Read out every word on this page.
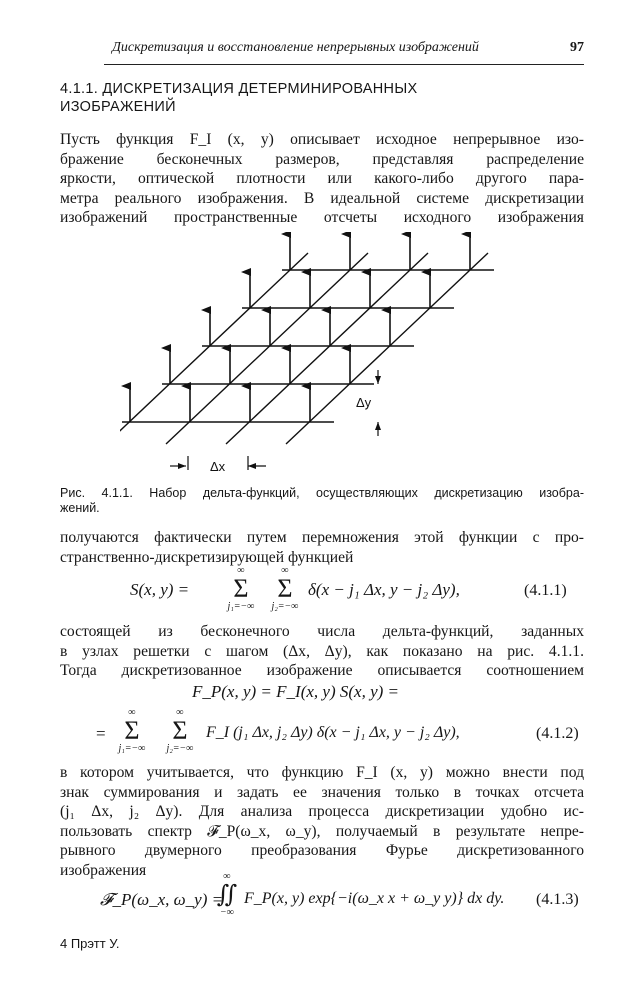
Дискретизация и восстановление непрерывных изображений	97
4.1.1. ДИСКРЕТИЗАЦИЯ ДЕТЕРМИНИРОВАННЫХ
ИЗОБРАЖЕНИЙ
Пусть функция F_I (x, y) описывает исходное непрерывное изо-
бражение бесконечных размеров, представляя распределение
яркости, оптической плотности или какого-либо другого пара-
метра реального изображения. В идеальной системе дискретизации
изображений пространственные отсчеты исходного изображения
Δy
Δx
Рис. 4.1.1. Набор дельта-функций, осуществляющих дискретизацию изобра-
жений.
получаются фактически путем перемножения этой функции с про-
странственно-дискретизирующей функцией
S(x, y) =
∞
Σ
j₁=−∞
∞
Σ
j₂=−∞
δ(x − j₁ Δx, y − j₂ Δy),	(4.1.1)
состоящей из бесконечного числа дельта-функций, заданных
в узлах решетки с шагом (Δx, Δy), как показано на рис. 4.1.1.
Тогда дискретизованное изображение описывается соотношением
F_P(x, y) = F_I(x, y) S(x, y) =
=
∞
Σ
j₁=−∞
∞
Σ
j₂=−∞
F_I (j₁ Δx, j₂ Δy) δ(x − j₁ Δx, y − j₂ Δy),	(4.1.2)
в котором учитывается, что функцию F_I (x, y) можно внести под
знак суммирования и задать ее значения только в точках отсчета
(j₁ Δx, j₂ Δy). Для анализа процесса дискретизации удобно ис-
пользовать спектр 𝓕_P(ω_x, ω_y), получаемый в результате непре-
рывного двумерного преобразования Фурье дискретизованного
изображения
𝓕_P(ω_x, ω_y) =
∞
∬
−∞
F_P(x, y) exp{−i(ω_x x + ω_y y)} dx dy. (4.1.3)
4 Прэтт У.
